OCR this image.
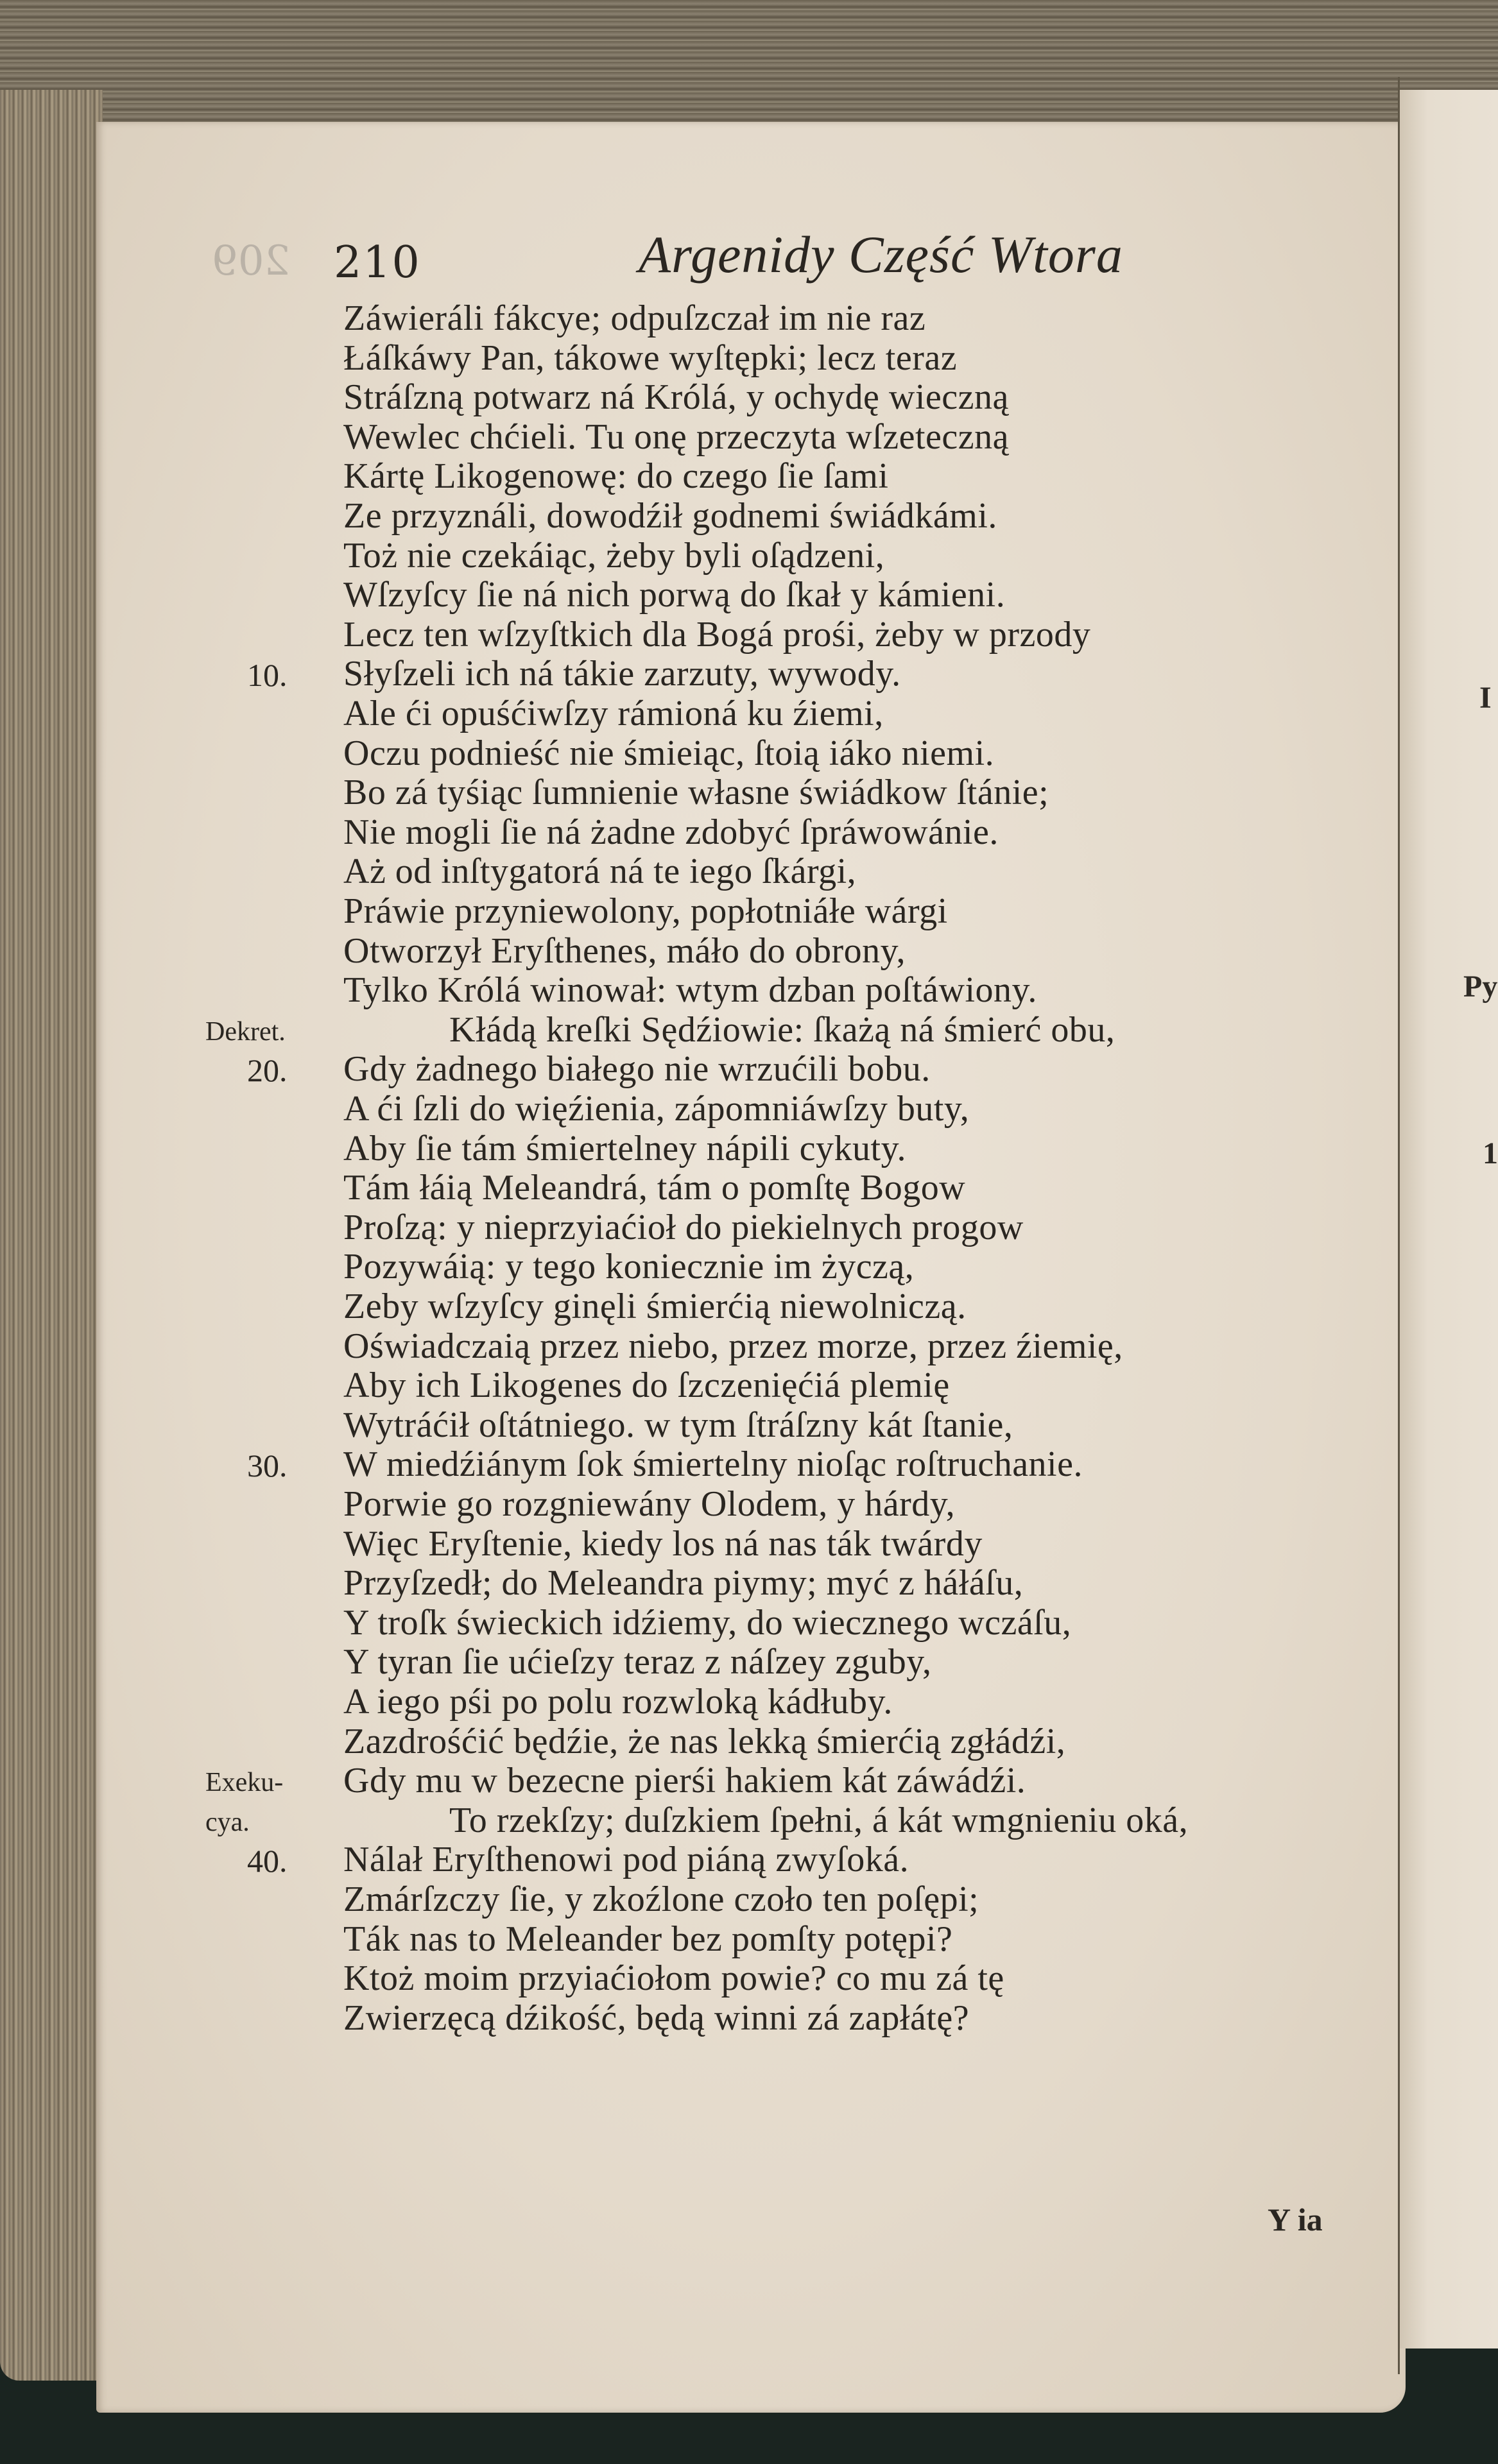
209 210	Argenidy Część Wtora
Záwieráli fákcye; odpuſzczał im nie raz
Łáſkáwy Pan, tákowe wyſtępki; lecz teraz
Stráſzną potwarz ná Królá, y ochydę wieczną
Wewlec chćieli. Tu onę przeczyta wſzeteczną
Kártę Likogenowę: do czego ſie ſami
Ze przyználi, dowodźił godnemi świádkámi.
Toż nie czekáiąc, żeby byli oſądzeni,
Wſzyſcy ſie ná nich porwą do ſkał y kámieni.
Lecz ten wſzyſtkich dla Bogá prośi, żeby w przody
Słyſzeli ich ná tákie zarzuty, wywody.
10.
Ale ći opuśćiwſzy rámioná ku źiemi,
Oczu podnieść nie śmieiąc, ſtoią iáko niemi.
Bo zá tyśiąc ſumnienie własne świádkow ſtánie;
Nie mogli ſie ná żadne zdobyć ſpráwowánie.
Aż od inſtygatorá ná te iego ſkárgi,
Práwie przyniewolony, popłotniáłe wárgi
Otworzył Eryſthenes, máło do obrony,
Tylko Królá winował: wtym dzban poſtáwiony.
Kłádą kreſki Sędźiowie: ſkażą ná śmierć obu,
Dekret.
Gdy żadnego białego nie wrzućili bobu.
20.
A ći ſzli do więźienia, zápomniáwſzy buty,
Aby ſie tám śmiertelney nápili cykuty.
Tám łáią Meleandrá, tám o pomſtę Bogow
Proſzą: y nieprzyiaćioł do piekielnych progow
Pozywáią: y tego koniecznie im życzą,
Zeby wſzyſcy ginęli śmierćią niewolniczą.
Oświadczaią przez niebo, przez morze, przez źiemię,
Aby ich Likogenes do ſzczenięćiá plemię
Wytráćił oſtátniego. w tym ſtráſzny kát ſtanie,
W miedźiánym ſok śmiertelny nioſąc roſtruchanie.
30.
Porwie go rozgniewány Olodem, y hárdy,
Więc Eryſtenie, kiedy los ná nas ták twárdy
Przyſzedł; do Meleandra piymy; myć z háłáſu,
Y troſk świeckich idźiemy, do wiecznego wczáſu,
Y tyran ſie ućieſzy teraz z náſzey zguby,
A iego pśi po polu rozwloką kádłuby.
Zazdrośćić będźie, że nas lekką śmierćią zgłádźi,
Gdy mu w bezecne pierśi hakiem kát záwádźi.
Exeku-
To rzekſzy; duſzkiem ſpełni, á kát wmgnieniu oká,
cya.
Nálał Eryſthenowi pod piáną zwyſoká.
40.
Zmárſzczy ſie, y zkoźlone czoło ten poſępi;
Ták nas to Meleander bez pomſty potępi?
Ktoż moim przyiaćiołom powie? co mu zá tę
Zwierzęcą dźikość, będą winni zá zapłátę?
Y ia
I
Py
1
